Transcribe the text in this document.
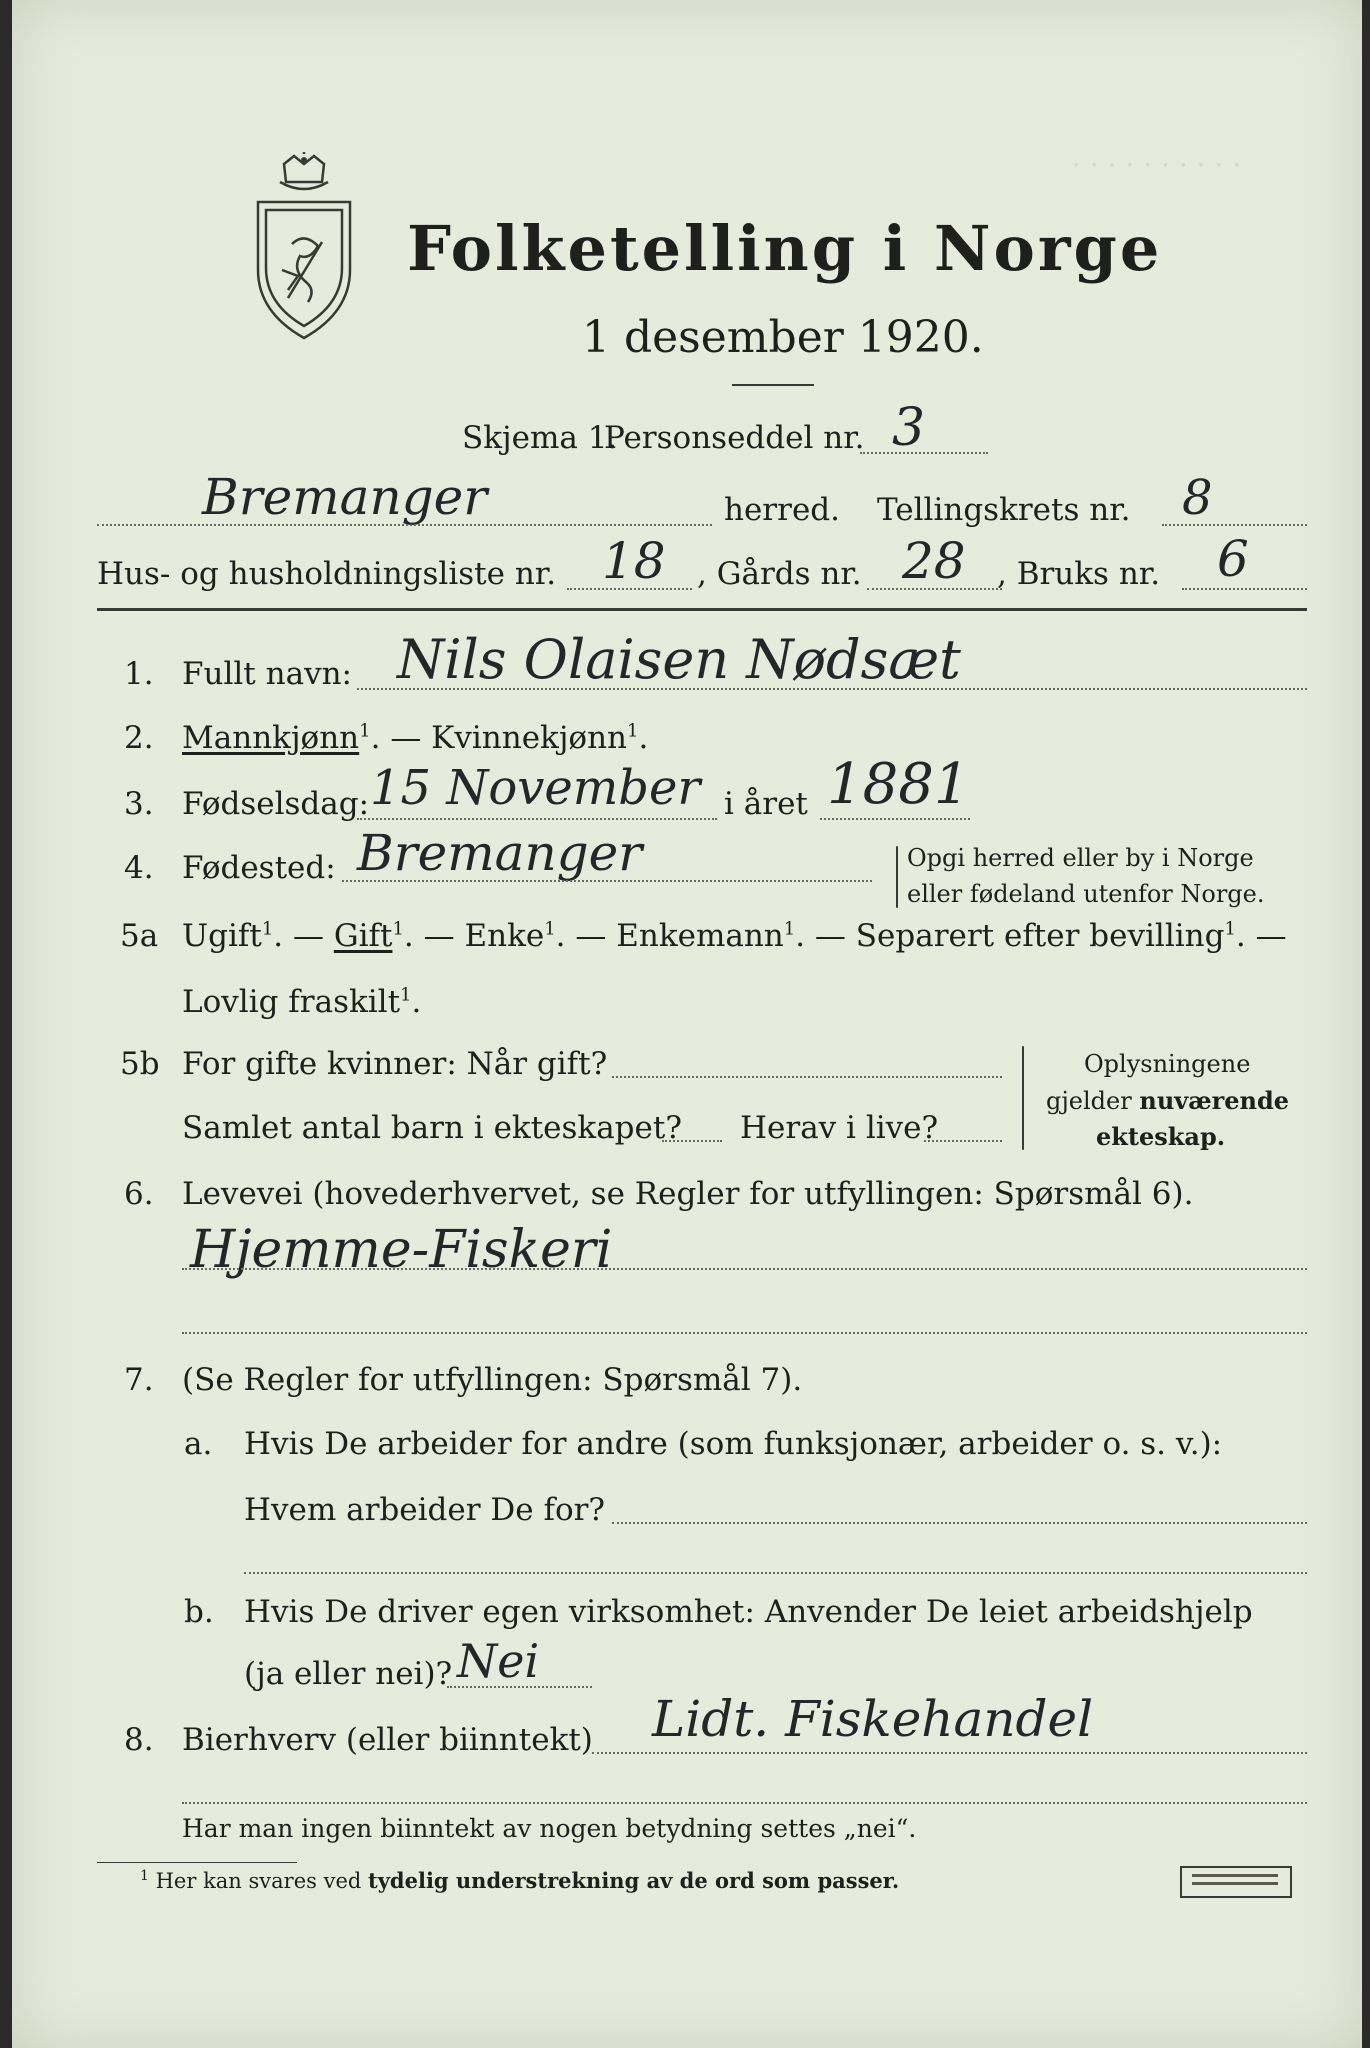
. . . . . . . . . .
Folketelling i Norge
1 desember 1920.
Skjema 1.
Personseddel nr. 3
Bremanger	herred. Tellingskrets nr. 8
Hus- og husholdningsliste nr. 18 , Gårds nr. 28 , Bruks nr. 6
1. Fullt navn: Nils Olaisen Nødsæt
2. Mannkjønn$^1$. — Kvinnekjønn$^1$.
3. Fødselsdag: 15 November i året 1881
4. Fødested: Bremanger	Opgi herred eller by i Norge
eller fødeland utenfor Norge.
5a Ugift$^1$. — Gift$^1$. — Enke$^1$. — Enkemann$^1$. — Separert efter bevilling$^1$. —
Lovlig fraskilt$^1$.
5b For gifte kvinner: Når gift?
Samlet antal barn i ekteskapet? Herav i live?
Oplysningene
gjelder nuværende
ekteskap.
6. Levevei (hovederhvervet, se Regler for utfyllingen: Spørsmål 6).
Hjemme-Fiskeri
7. (Se Regler for utfyllingen: Spørsmål 7).
a. Hvis De arbeider for andre (som funksjonær, arbeider o. s. v.):
Hvem arbeider De for?
b. Hvis De driver egen virksomhet: Anvender De leiet arbeidshjelp
(ja eller nei)? Nei
8. Bierhverv (eller biinntekt) Lidt. Fiskehandel
Har man ingen biinntekt av nogen betydning settes „nei“.
$^1$ Her kan svares ved tydelig understrekning av de ord som passer.
